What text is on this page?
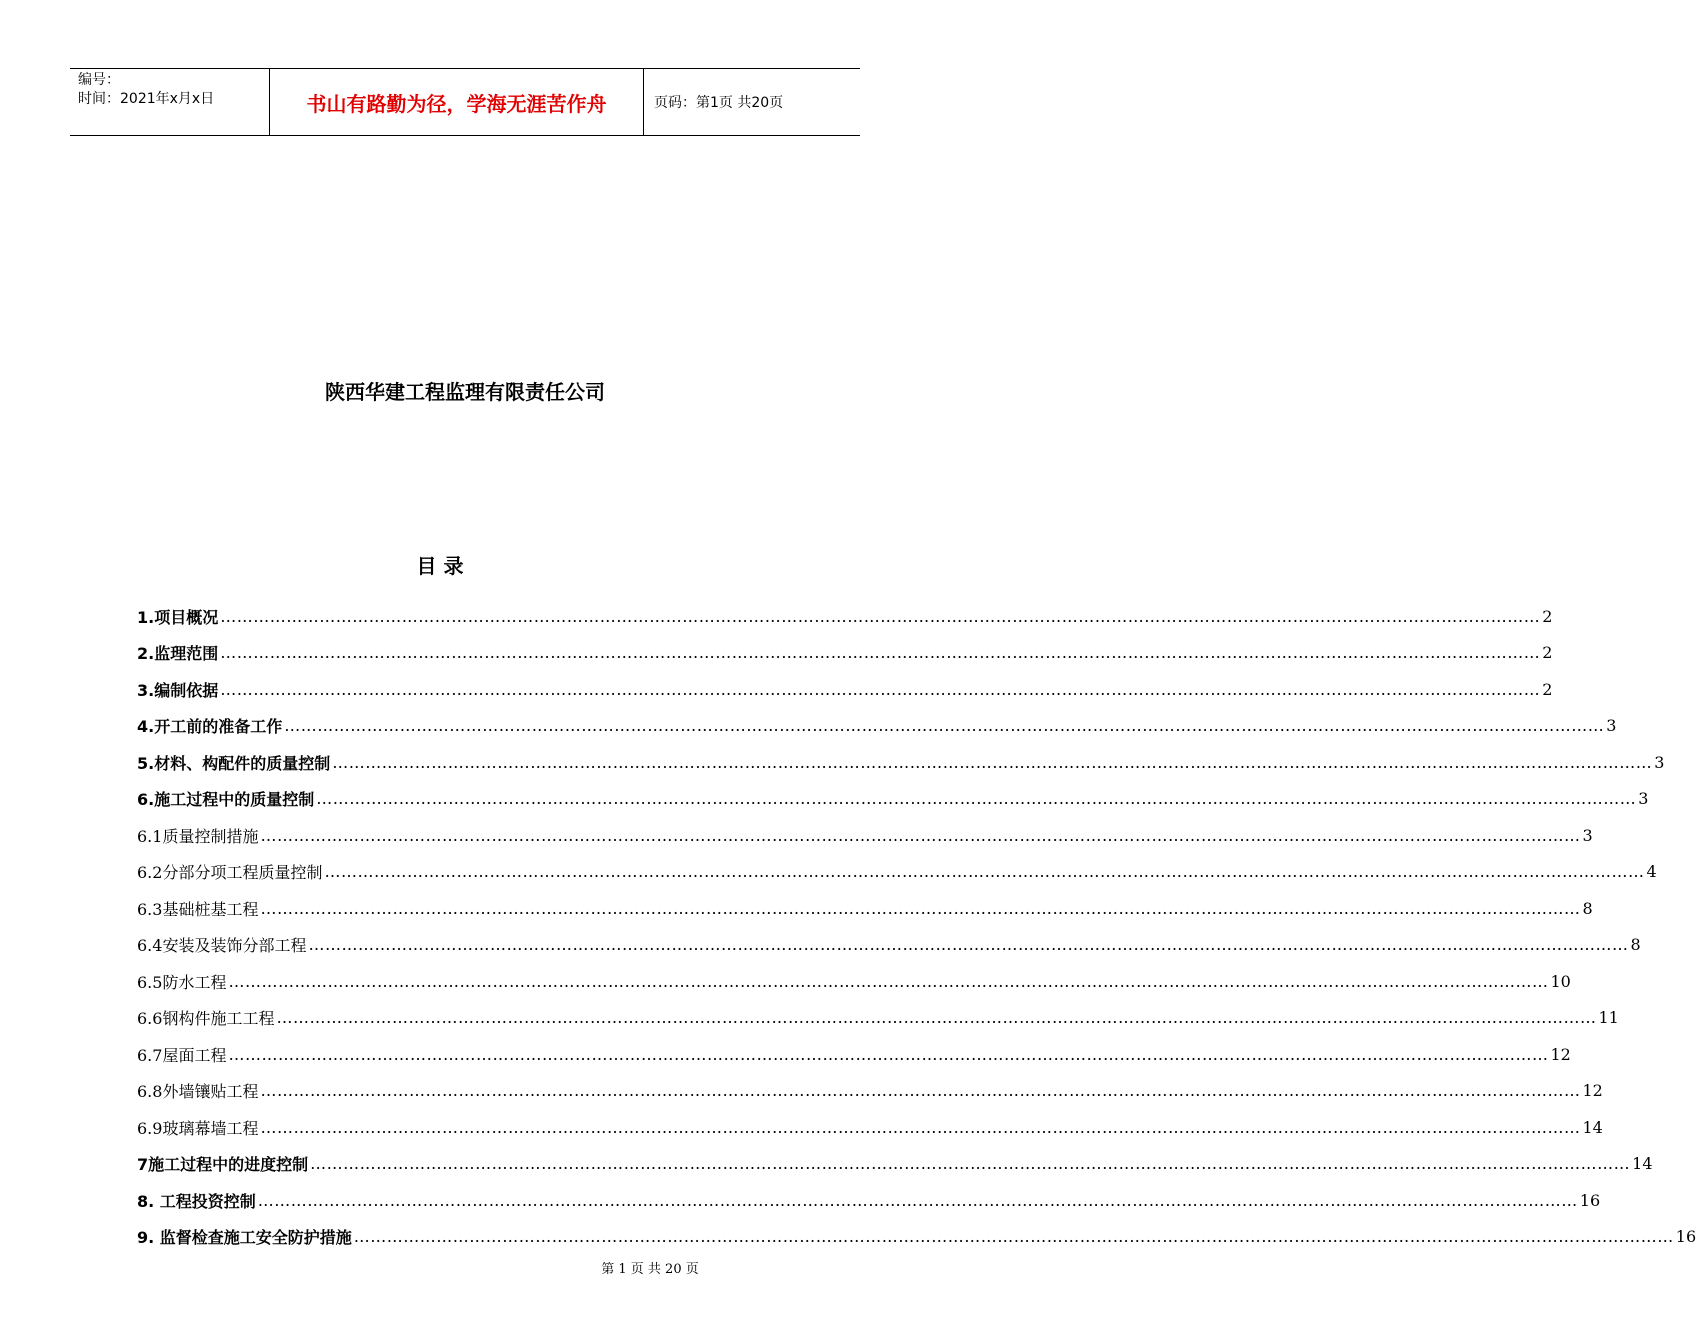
编号：
时间：2021年x月x日	书山有路勤为径，学海无涯苦作舟	页码：第1页 共20页
陕西华建工程监理有限责任公司
目 录
1.项目概况 …………………………………………………………………………………………………………………………………………………………………………………………………………………… 2
2.监理范围 …………………………………………………………………………………………………………………………………………………………………………………………………………………… 2
3.编制依据 …………………………………………………………………………………………………………………………………………………………………………………………………………………… 2
4.开工前的准备工作 …………………………………………………………………………………………………………………………………………………………………………………………………………………… 3
5.材料、构配件的质量控制 …………………………………………………………………………………………………………………………………………………………………………………………………………………… 3
6.施工过程中的质量控制 …………………………………………………………………………………………………………………………………………………………………………………………………………………… 3
6.1质量控制措施 …………………………………………………………………………………………………………………………………………………………………………………………………………………… 3
6.2分部分项工程质量控制 …………………………………………………………………………………………………………………………………………………………………………………………………………………… 4
6.3基础桩基工程 …………………………………………………………………………………………………………………………………………………………………………………………………………………… 8
6.4安装及装饰分部工程 …………………………………………………………………………………………………………………………………………………………………………………………………………………… 8
6.5防水工程 …………………………………………………………………………………………………………………………………………………………………………………………………………………… 10
6.6钢构件施工工程 …………………………………………………………………………………………………………………………………………………………………………………………………………………… 11
6.7屋面工程 …………………………………………………………………………………………………………………………………………………………………………………………………………………… 12
6.8外墙镶贴工程 …………………………………………………………………………………………………………………………………………………………………………………………………………………… 12
6.9玻璃幕墙工程 …………………………………………………………………………………………………………………………………………………………………………………………………………………… 14
7施工过程中的进度控制 …………………………………………………………………………………………………………………………………………………………………………………………………………………… 14
8. 工程投资控制 …………………………………………………………………………………………………………………………………………………………………………………………………………………… 16
9. 监督检查施工安全防护措施 …………………………………………………………………………………………………………………………………………………………………………………………………………………… 16
第 1 页 共 20 页
